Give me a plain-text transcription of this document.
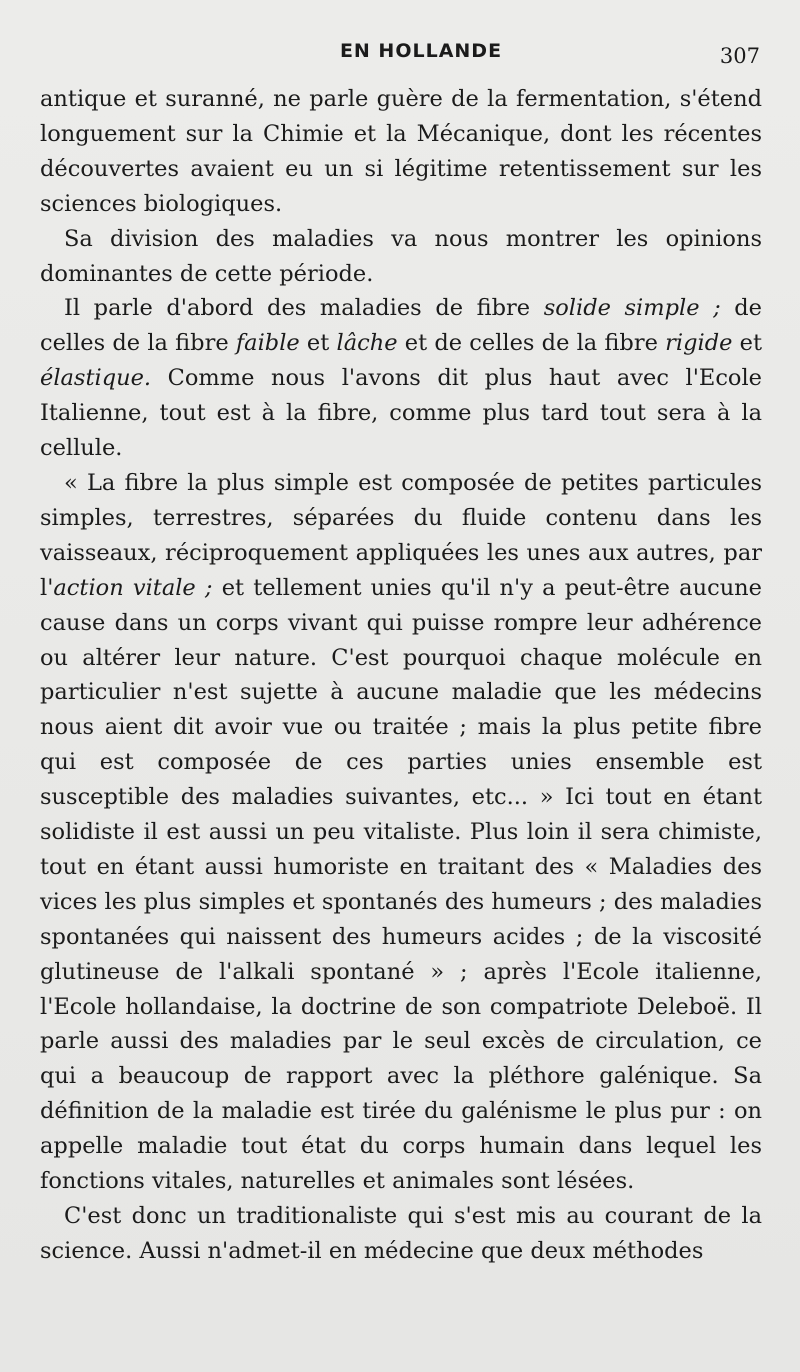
EN HOLLANDE	307

antique et suranné, ne parle guère de la fermentation, s'étend longuement sur la Chimie et la Mécanique, dont les récentes découvertes avaient eu un si légitime retentissement sur les sciences biologiques.

Sa division des maladies va nous montrer les opinions dominantes de cette période.

Il parle d'abord des maladies de fibre solide simple ; de celles de la fibre faible et lâche et de celles de la fibre rigide et élastique. Comme nous l'avons dit plus haut avec l'Ecole Italienne, tout est à la fibre, comme plus tard tout sera à la cellule.

« La fibre la plus simple est composée de petites particules simples, terrestres, séparées du fluide contenu dans les vaisseaux, réciproquement appliquées les unes aux autres, par l'action vitale ; et tellement unies qu'il n'y a peut-être aucune cause dans un corps vivant qui puisse rompre leur adhérence ou altérer leur nature. C'est pourquoi chaque molécule en particulier n'est sujette à aucune maladie que les médecins nous aient dit avoir vue ou traitée ; mais la plus petite fibre qui est composée de ces parties unies ensemble est susceptible des maladies suivantes, etc... » Ici tout en étant solidiste il est aussi un peu vitaliste. Plus loin il sera chimiste, tout en étant aussi humoriste en traitant des « Maladies des vices les plus simples et spontanés des humeurs ; des maladies spontanées qui naissent des humeurs acides ; de la viscosité glutineuse de l'alkali spontané » ; après l'Ecole italienne, l'Ecole hollandaise, la doctrine de son compatriote Deleboë. Il parle aussi des maladies par le seul excès de circulation, ce qui a beaucoup de rapport avec la pléthore galénique. Sa définition de la maladie est tirée du galénisme le plus pur : on appelle maladie tout état du corps humain dans lequel les fonctions vitales, naturelles et animales sont lésées.

C'est donc un traditionaliste qui s'est mis au courant de la science. Aussi n'admet-il en médecine que deux méthodes
